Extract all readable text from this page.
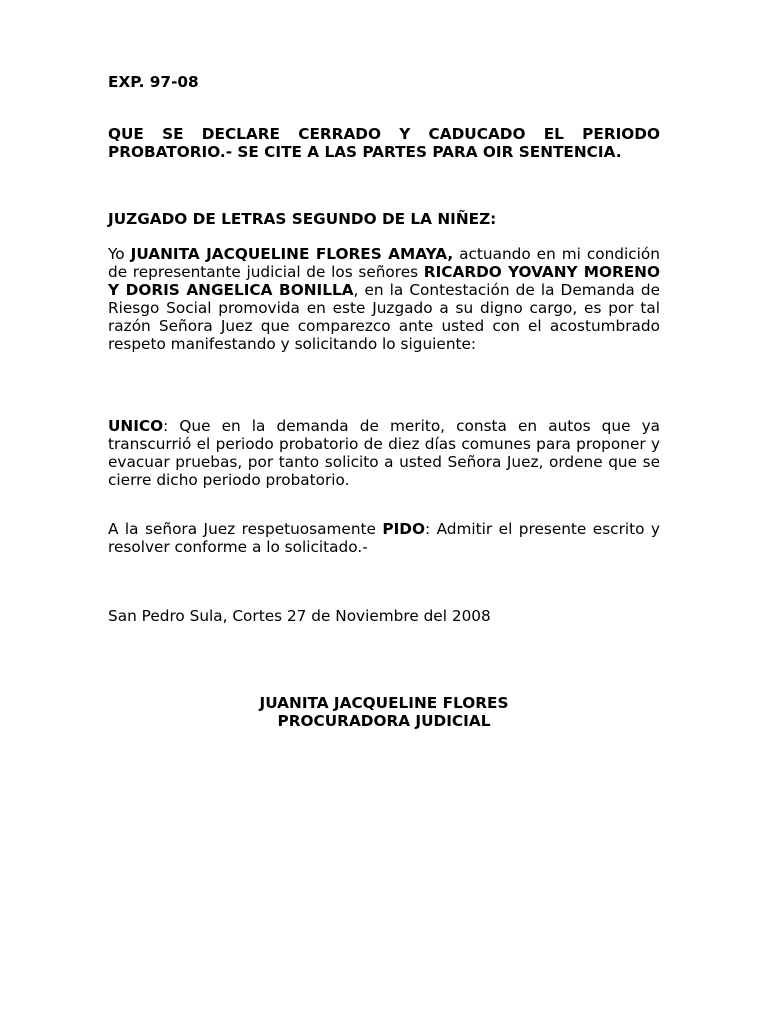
EXP. 97-08

QUE SE DECLARE CERRADO Y CADUCADO EL PERIODO PROBATORIO.- SE CITE A LAS PARTES PARA OIR SENTENCIA.

JUZGADO DE LETRAS SEGUNDO DE LA NIÑEZ:

Yo JUANITA JACQUELINE FLORES AMAYA, actuando en mi condición de representante judicial de los señores RICARDO YOVANY MORENO Y DORIS ANGELICA BONILLA, en la Contestación de la Demanda de Riesgo Social promovida en este Juzgado a su digno cargo, es por tal razón Señora Juez que comparezco ante usted con el acostumbrado respeto manifestando y solicitando lo siguiente:

UNICO: Que en la demanda de merito, consta en autos que ya transcurrió el periodo probatorio de diez días comunes para proponer y evacuar pruebas, por tanto solicito a usted Señora Juez, ordene que se cierre dicho periodo probatorio.

A la señora Juez respetuosamente PIDO: Admitir el presente escrito y resolver conforme a lo solicitado.-

San Pedro Sula, Cortes 27 de Noviembre del 2008

JUANITA JACQUELINE FLORES
PROCURADORA JUDICIAL
